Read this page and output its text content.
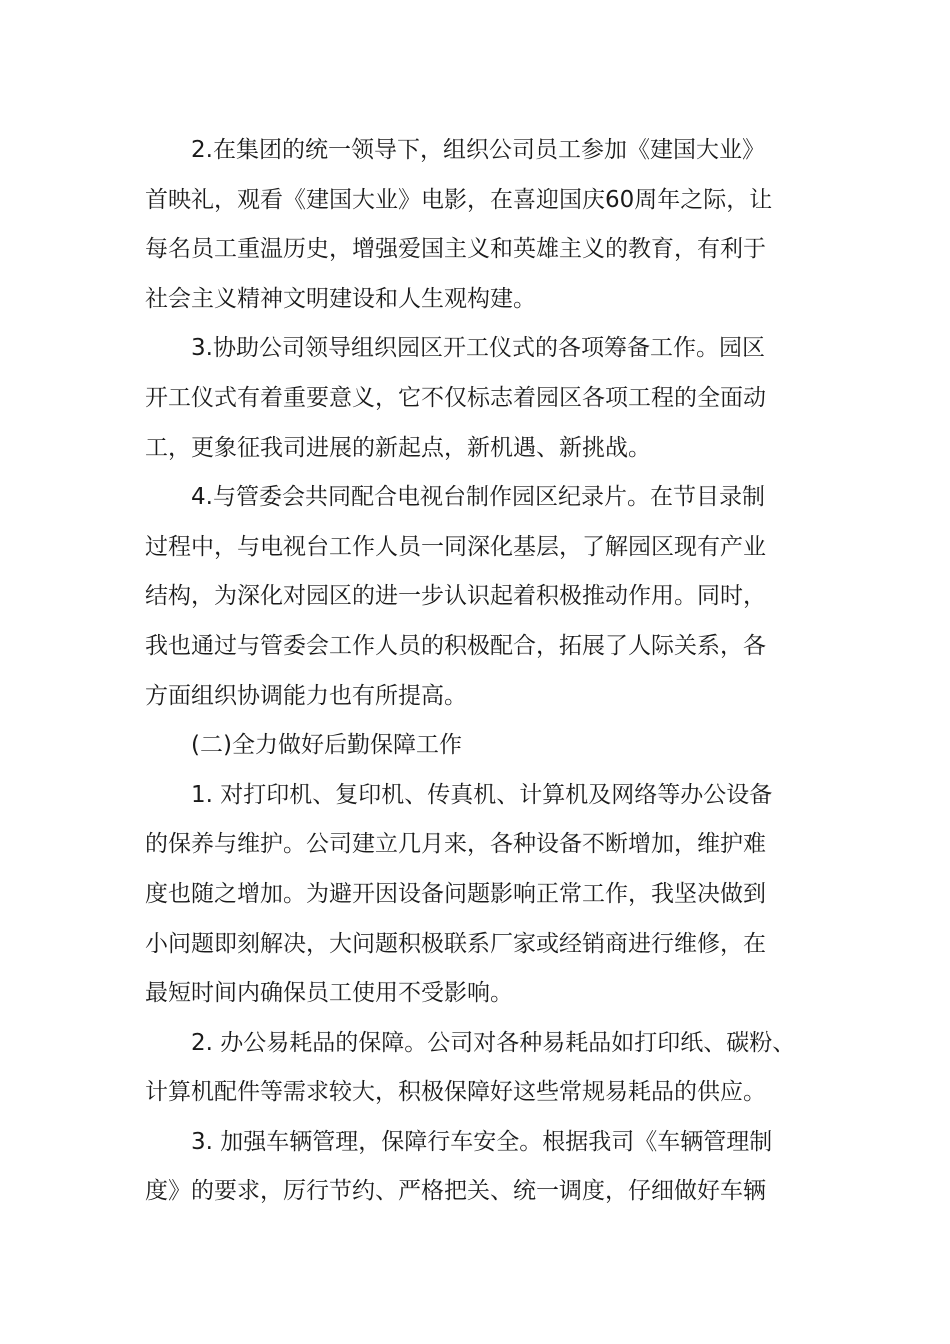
2.在集团的统一领导下，组织公司员工参加《建国大业》
首映礼，观看《建国大业》电影，在喜迎国庆60周年之际，让
每名员工重温历史，增强爱国主义和英雄主义的教育，有利于
社会主义精神文明建设和人生观构建。

3.协助公司领导组织园区开工仪式的各项筹备工作。园区
开工仪式有着重要意义，它不仅标志着园区各项工程的全面动
工，更象征我司进展的新起点，新机遇、新挑战。

4.与管委会共同配合电视台制作园区纪录片。在节目录制
过程中，与电视台工作人员一同深化基层，了解园区现有产业
结构，为深化对园区的进一步认识起着积极推动作用。同时，
我也通过与管委会工作人员的积极配合，拓展了人际关系，各
方面组织协调能力也有所提高。

(二)全力做好后勤保障工作

1. 对打印机、复印机、传真机、计算机及网络等办公设备
的保养与维护。公司建立几月来，各种设备不断增加，维护难
度也随之增加。为避开因设备问题影响正常工作，我坚决做到
小问题即刻解决，大问题积极联系厂家或经销商进行维修，在
最短时间内确保员工使用不受影响。

2. 办公易耗品的保障。公司对各种易耗品如打印纸、碳粉、
计算机配件等需求较大，积极保障好这些常规易耗品的供应。

3. 加强车辆管理，保障行车安全。根据我司《车辆管理制
度》的要求，厉行节约、严格把关、统一调度，仔细做好车辆
